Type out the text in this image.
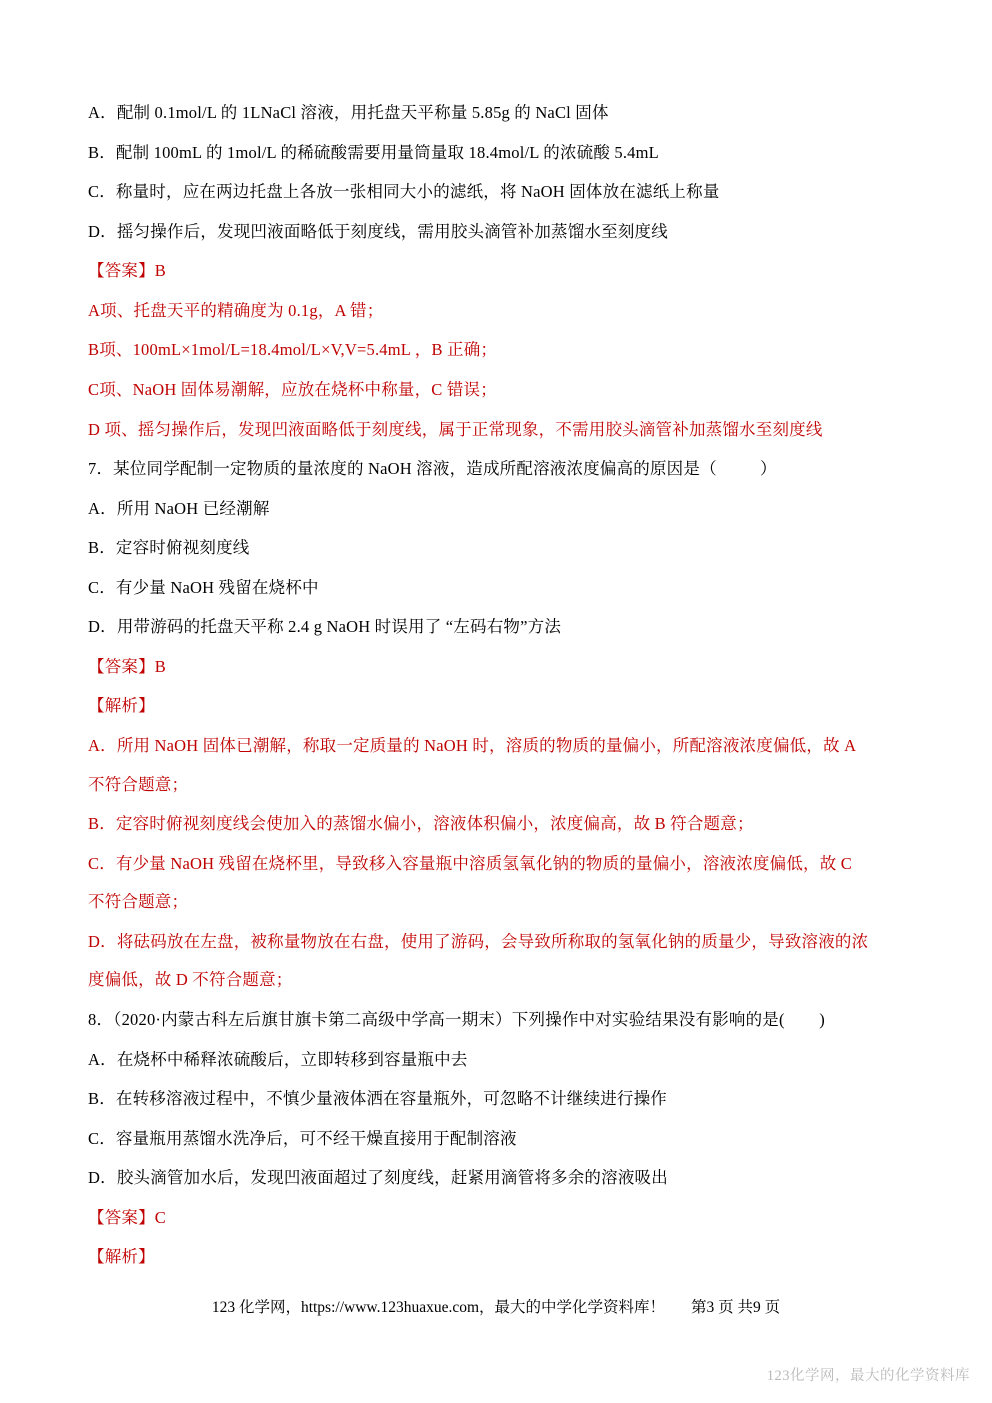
A．配制 0.1mol/L 的 1LNaCl 溶液，用托盘天平称量 5.85g 的 NaCl 固体

B．配制 100mL 的 1mol/L 的稀硫酸需要用量筒量取 18.4mol/L 的浓硫酸 5.4mL

C．称量时，应在两边托盘上各放一张相同大小的滤纸，将 NaOH 固体放在滤纸上称量

D．摇匀操作后，发现凹液面略低于刻度线，需用胶头滴管补加蒸馏水至刻度线

【答案】B

A项、托盘天平的精确度为 0.1g，A 错；

B项、100mL×1mol/L=18.4mol/L×V,V=5.4mL ，B 正确；

C项、NaOH 固体易潮解，应放在烧杯中称量，C 错误；

D 项、摇匀操作后，发现凹液面略低于刻度线，属于正常现象，不需用胶头滴管补加蒸馏水至刻度线

7．某位同学配制一定物质的量浓度的 NaOH 溶液，造成所配溶液浓度偏高的原因是（          ）

A．所用 NaOH 已经潮解

B．定容时俯视刻度线

C．有少量 NaOH 残留在烧杯中

D．用带游码的托盘天平称 2.4 g NaOH 时误用了 “左码右物”方法

【答案】B

【解析】

A．所用 NaOH 固体已潮解，称取一定质量的 NaOH 时，溶质的物质的量偏小，所配溶液浓度偏低，故 A

不符合题意；

B．定容时俯视刻度线会使加入的蒸馏水偏小，溶液体积偏小，浓度偏高，故 B 符合题意；

C．有少量 NaOH 残留在烧杯里，导致移入容量瓶中溶质氢氧化钠的物质的量偏小，溶液浓度偏低，故 C

不符合题意；

D．将砝码放在左盘，被称量物放在右盘，使用了游码，会导致所称取的氢氧化钠的质量少，导致溶液的浓

度偏低，故 D 不符合题意；

8．（2020·内蒙古科左后旗甘旗卡第二高级中学高一期末）下列操作中对实验结果没有影响的是(        )

A．在烧杯中稀释浓硫酸后，立即转移到容量瓶中去

B．在转移溶液过程中，不慎少量液体洒在容量瓶外，可忽略不计继续进行操作

C．容量瓶用蒸馏水洗净后，可不经干燥直接用于配制溶液

D．胶头滴管加水后，发现凹液面超过了刻度线，赶紧用滴管将多余的溶液吸出

【答案】C

【解析】

123 化学网，https://www.123huaxue.com，最大的中学化学资料库！ 第3 页 共9 页
123化学网，最大的化学资料库
